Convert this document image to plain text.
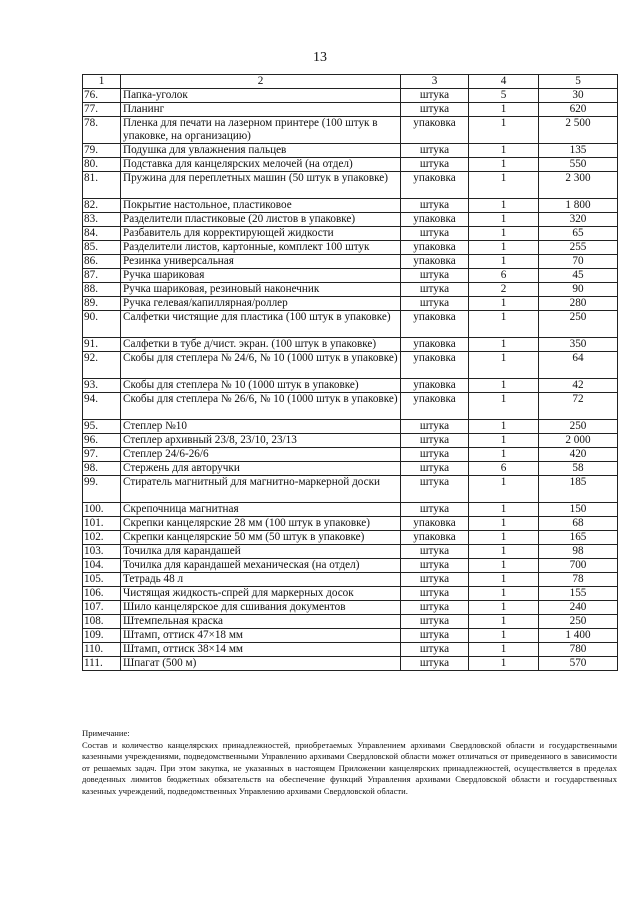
13
1	2	3	4	5
76.	Папка-уголок	штука	5	30
77.	Планинг	штука	1	620
78.	Пленка для печати на лазерном принтере (100 штук в упаковке, на организацию)	упаковка	1	2 500
79.	Подушка для увлажнения пальцев	штука	1	135
80.	Подставка для канцелярских мелочей (на отдел)	штука	1	550
81.	Пружина для переплетных машин (50 штук в упаковке)	упаковка	1	2 300
82.	Покрытие настольное, пластиковое	штука	1	1 800
83.	Разделители пластиковые (20 листов в упаковке)	упаковка	1	320
84.	Разбавитель для корректирующей жидкости	штука	1	65
85.	Разделители листов, картонные, комплект 100 штук	упаковка	1	255
86.	Резинка универсальная	упаковка	1	70
87.	Ручка шариковая	штука	6	45
88.	Ручка шариковая, резиновый наконечник	штука	2	90
89.	Ручка гелевая/капиллярная/роллер	штука	1	280
90.	Салфетки чистящие для пластика (100 штук в упаковке)	упаковка	1	250
91.	Салфетки в тубе д/чист. экран. (100 штук в упаковке)	упаковка	1	350
92.	Скобы для степлера № 24/6, № 10 (1000 штук в упаковке)	упаковка	1	64
93.	Скобы для степлера № 10 (1000 штук в упаковке)	упаковка	1	42
94.	Скобы для степлера № 26/6, № 10 (1000 штук в упаковке)	упаковка	1	72
95.	Степлер №10	штука	1	250
96.	Степлер архивный 23/8, 23/10, 23/13	штука	1	2 000
97.	Степлер 24/6-26/6	штука	1	420
98.	Стержень для авторучки	штука	6	58
99.	Стиратель магнитный для магнитно-маркерной доски	штука	1	185
100.	Скрепочница магнитная	штука	1	150
101.	Скрепки канцелярские 28 мм (100 штук в упаковке)	упаковка	1	68
102.	Скрепки канцелярские 50 мм (50 штук в упаковке)	упаковка	1	165
103.	Точилка для карандашей	штука	1	98
104.	Точилка для карандашей механическая (на отдел)	штука	1	700
105.	Тетрадь 48 л	штука	1	78
106.	Чистящая жидкость-спрей для маркерных досок	штука	1	155
107.	Шило канцелярское для сшивания документов	штука	1	240
108.	Штемпельная краска	штука	1	250
109.	Штамп, оттиск 47×18 мм	штука	1	1 400
110.	Штамп, оттиск 38×14 мм	штука	1	780
111.	Шпагат (500 м)	штука	1	570
Примечание:
Состав и количество канцелярских принадлежностей, приобретаемых Управлением архивами Свердловской области и государственными казенными учреждениями, подведомственными Управлению архивами Свердловской области может отличаться от приведенного в зависимости от решаемых задач. При этом закупка, не указанных в настоящем Приложении канцелярских принадлежностей, осуществляется в пределах доведенных лимитов бюджетных обязательств на обеспечение функций Управления архивами Свердловской области и государственных казенных учреждений, подведомственных Управлению архивами Свердловской области.
